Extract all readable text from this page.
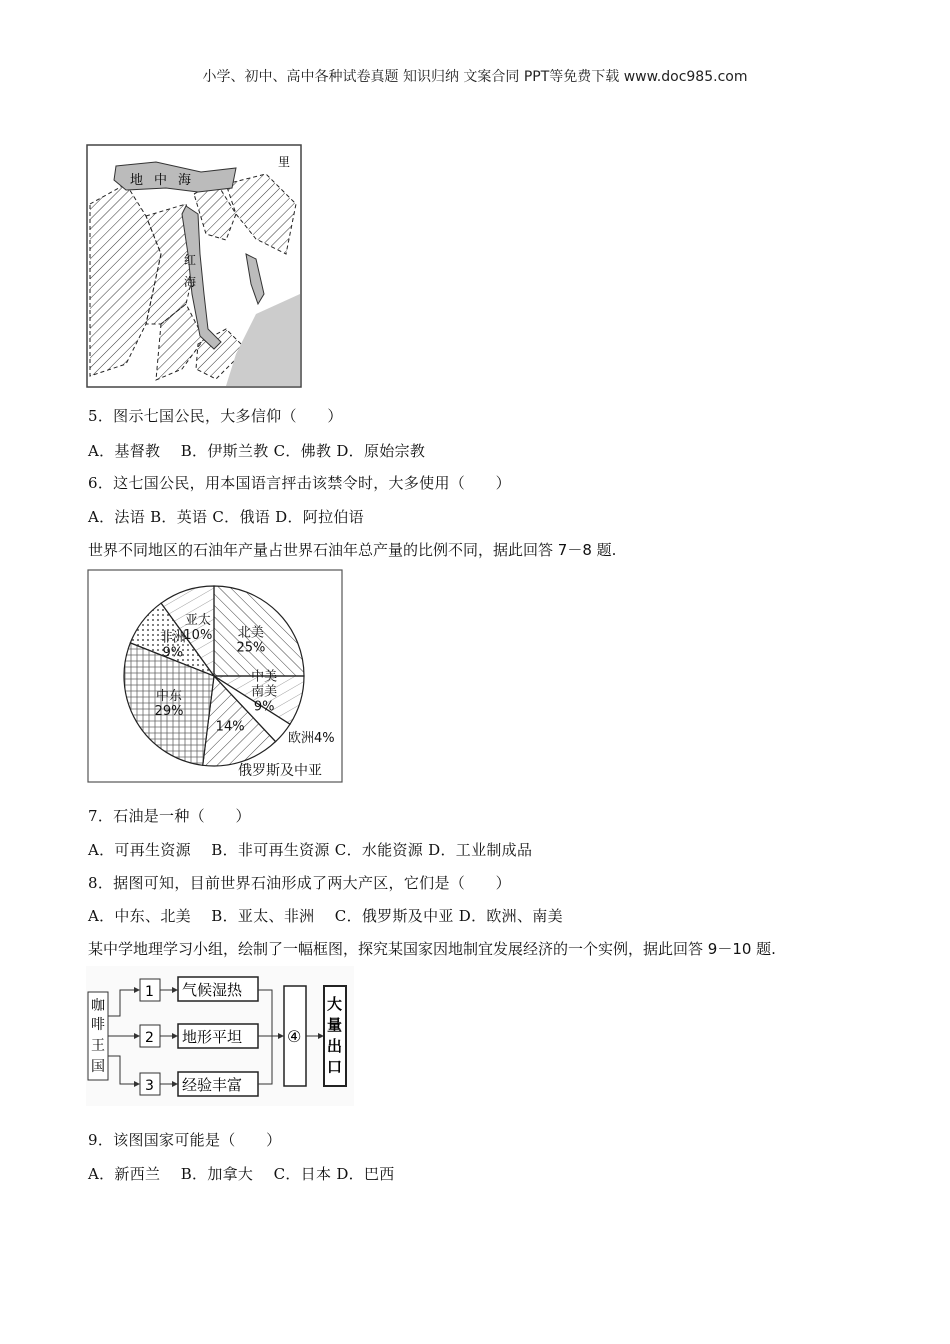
小学、初中、高中各种试卷真题 知识归纳 文案合同 PPT等免费下载 www.doc985.com
地 中 海
红
海
里
5．图示七国公民，大多信仰（　　）
A．基督教　 B．伊斯兰教 C．佛教 D．原始宗教
6．这七国公民，用本国语言抨击该禁令时，大多使用（　　）
A．法语 B．英语 C．俄语 D．阿拉伯语
世界不同地区的石油年产量占世界石油年总产量的比例不同，据此回答 7－8 题.
北美
25%
中美
南美
9%
欧洲4%
14%
中东
29%
非洲
9%
亚太
10%
俄罗斯及中亚
7．石油是一种（　　）
A．可再生资源　 B．非可再生资源 C．水能资源 D．工业制成品
8．据图可知，目前世界石油形成了两大产区，它们是（　　）
A．中东、北美　 B．亚太、非洲　 C．俄罗斯及中亚 D．欧洲、南美
某中学地理学习小组，绘制了一幅框图，探究某国家因地制宜发展经济的一个实例，据此回答 9－10 题.
咖
啡
王
国
1
2
3
气候湿热
地形平坦
经验丰富
④
大
量
出
口
9．该图国家可能是（　　）
A．新西兰　 B．加拿大　 C．日本 D．巴西
